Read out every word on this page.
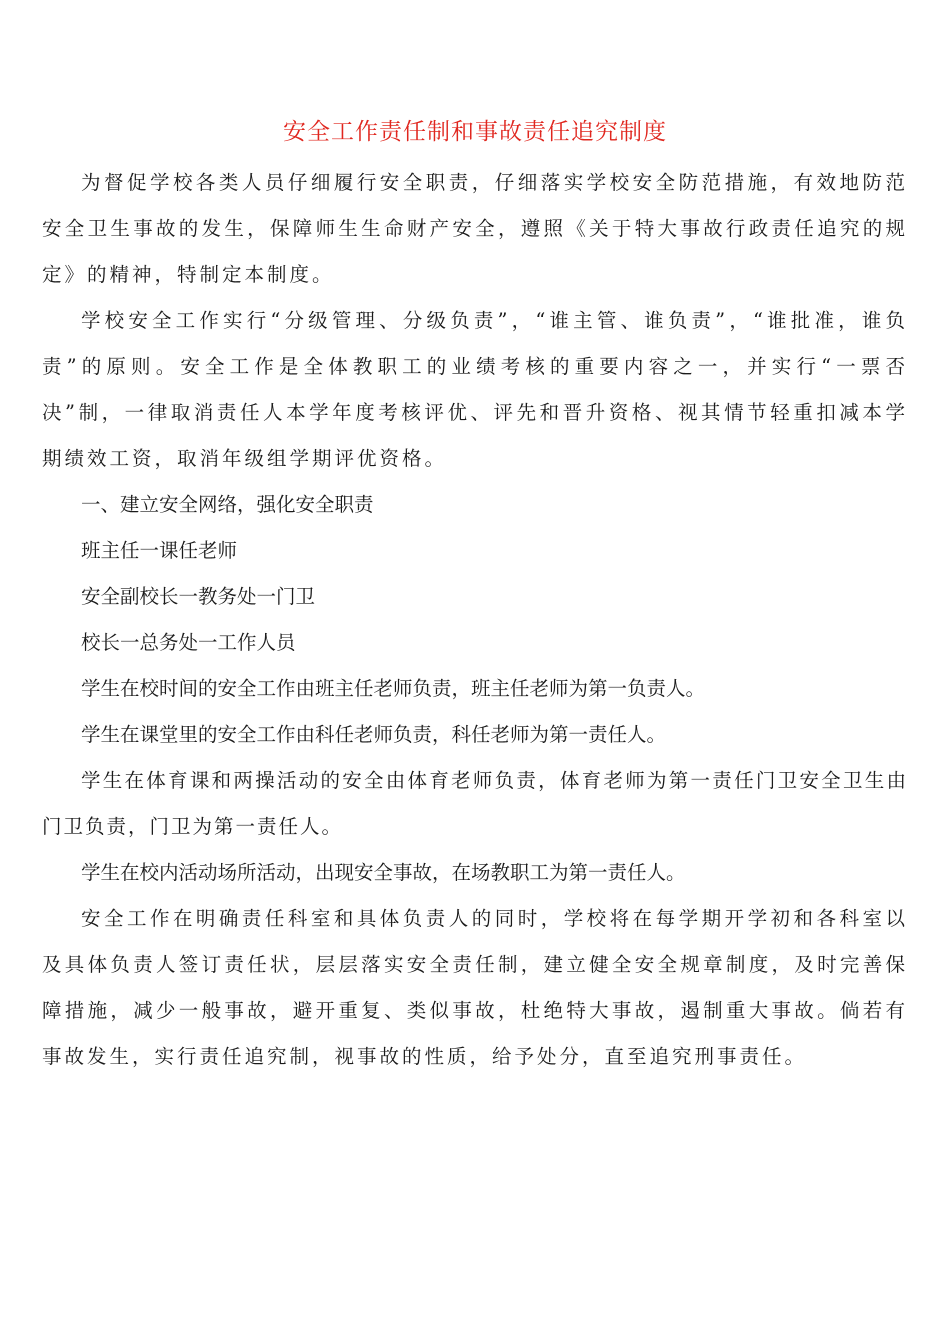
安全工作责任制和事故责任追究制度

为督促学校各类人员仔细履行安全职责，仔细落实学校安全防范措施，有效地防范安全卫生事故的发生，保障师生生命财产安全，遵照《关于特大事故行政责任追究的规定》的精神，特制定本制度。

学校安全工作实行“分级管理、分级负责”，“谁主管、谁负责”，“谁批准，谁负责”的原则。安全工作是全体教职工的业绩考核的重要内容之一，并实行“一票否决”制，一律取消责任人本学年度考核评优、评先和晋升资格、视其情节轻重扣减本学期绩效工资，取消年级组学期评优资格。

一、建立安全网络，强化安全职责

班主任一课任老师

安全副校长一教务处一门卫

校长一总务处一工作人员

学生在校时间的安全工作由班主任老师负责，班主任老师为第一负责人。

学生在课堂里的安全工作由科任老师负责，科任老师为第一责任人。

学生在体育课和两操活动的安全由体育老师负责，体育老师为第一责任门卫安全卫生由门卫负责，门卫为第一责任人。

学生在校内活动场所活动，出现安全事故，在场教职工为第一责任人。

安全工作在明确责任科室和具体负责人的同时，学校将在每学期开学初和各科室以及具体负责人签订责任状，层层落实安全责任制，建立健全安全规章制度，及时完善保障措施，减少一般事故，避开重复、类似事故，杜绝特大事故，遏制重大事故。倘若有事故发生，实行责任追究制，视事故的性质，给予处分，直至追究刑事责任。
